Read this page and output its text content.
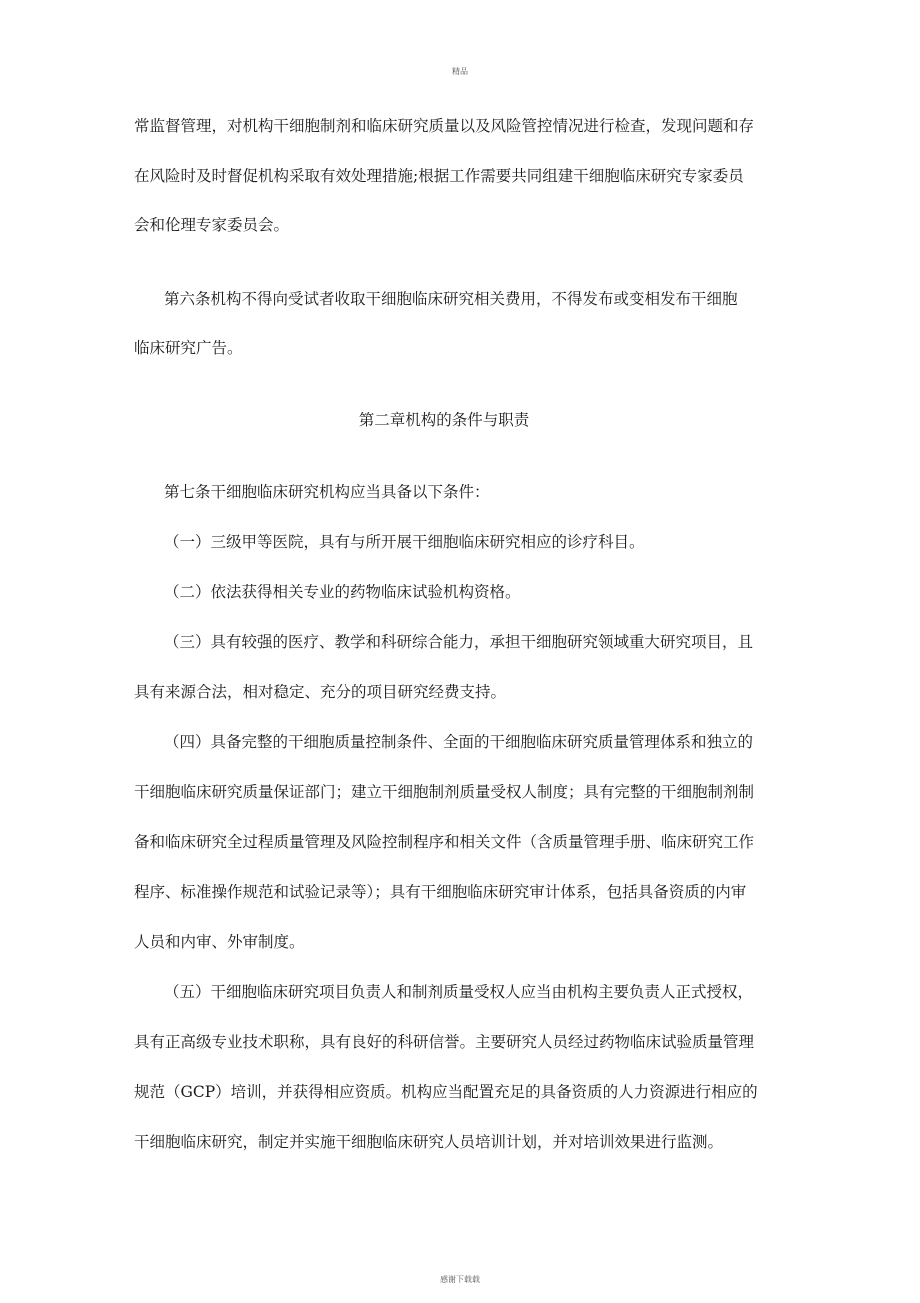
精品
常监督管理，对机构干细胞制剂和临床研究质量以及风险管控情况进行检查，发现问题和存
在风险时及时督促机构采取有效处理措施;根据工作需要共同组建干细胞临床研究专家委员
会和伦理专家委员会。
第六条机构不得向受试者收取干细胞临床研究相关费用，不得发布或变相发布干细胞
临床研究广告。
第二章机构的条件与职责
第七条干细胞临床研究机构应当具备以下条件：
（一）三级甲等医院，具有与所开展干细胞临床研究相应的诊疗科目。
（二）依法获得相关专业的药物临床试验机构资格。
（三）具有较强的医疗、教学和科研综合能力，承担干细胞研究领域重大研究项目，且
具有来源合法，相对稳定、充分的项目研究经费支持。
（四）具备完整的干细胞质量控制条件、全面的干细胞临床研究质量管理体系和独立的
干细胞临床研究质量保证部门；建立干细胞制剂质量受权人制度；具有完整的干细胞制剂制
备和临床研究全过程质量管理及风险控制程序和相关文件（含质量管理手册、临床研究工作
程序、标准操作规范和试验记录等）；具有干细胞临床研究审计体系，包括具备资质的内审
人员和内审、外审制度。
（五）干细胞临床研究项目负责人和制剂质量受权人应当由机构主要负责人正式授权，
具有正高级专业技术职称，具有良好的科研信誉。主要研究人员经过药物临床试验质量管理
规范（GCP）培训，并获得相应资质。机构应当配置充足的具备资质的人力资源进行相应的
干细胞临床研究，制定并实施干细胞临床研究人员培训计划，并对培训效果进行监测。
感谢下载载
